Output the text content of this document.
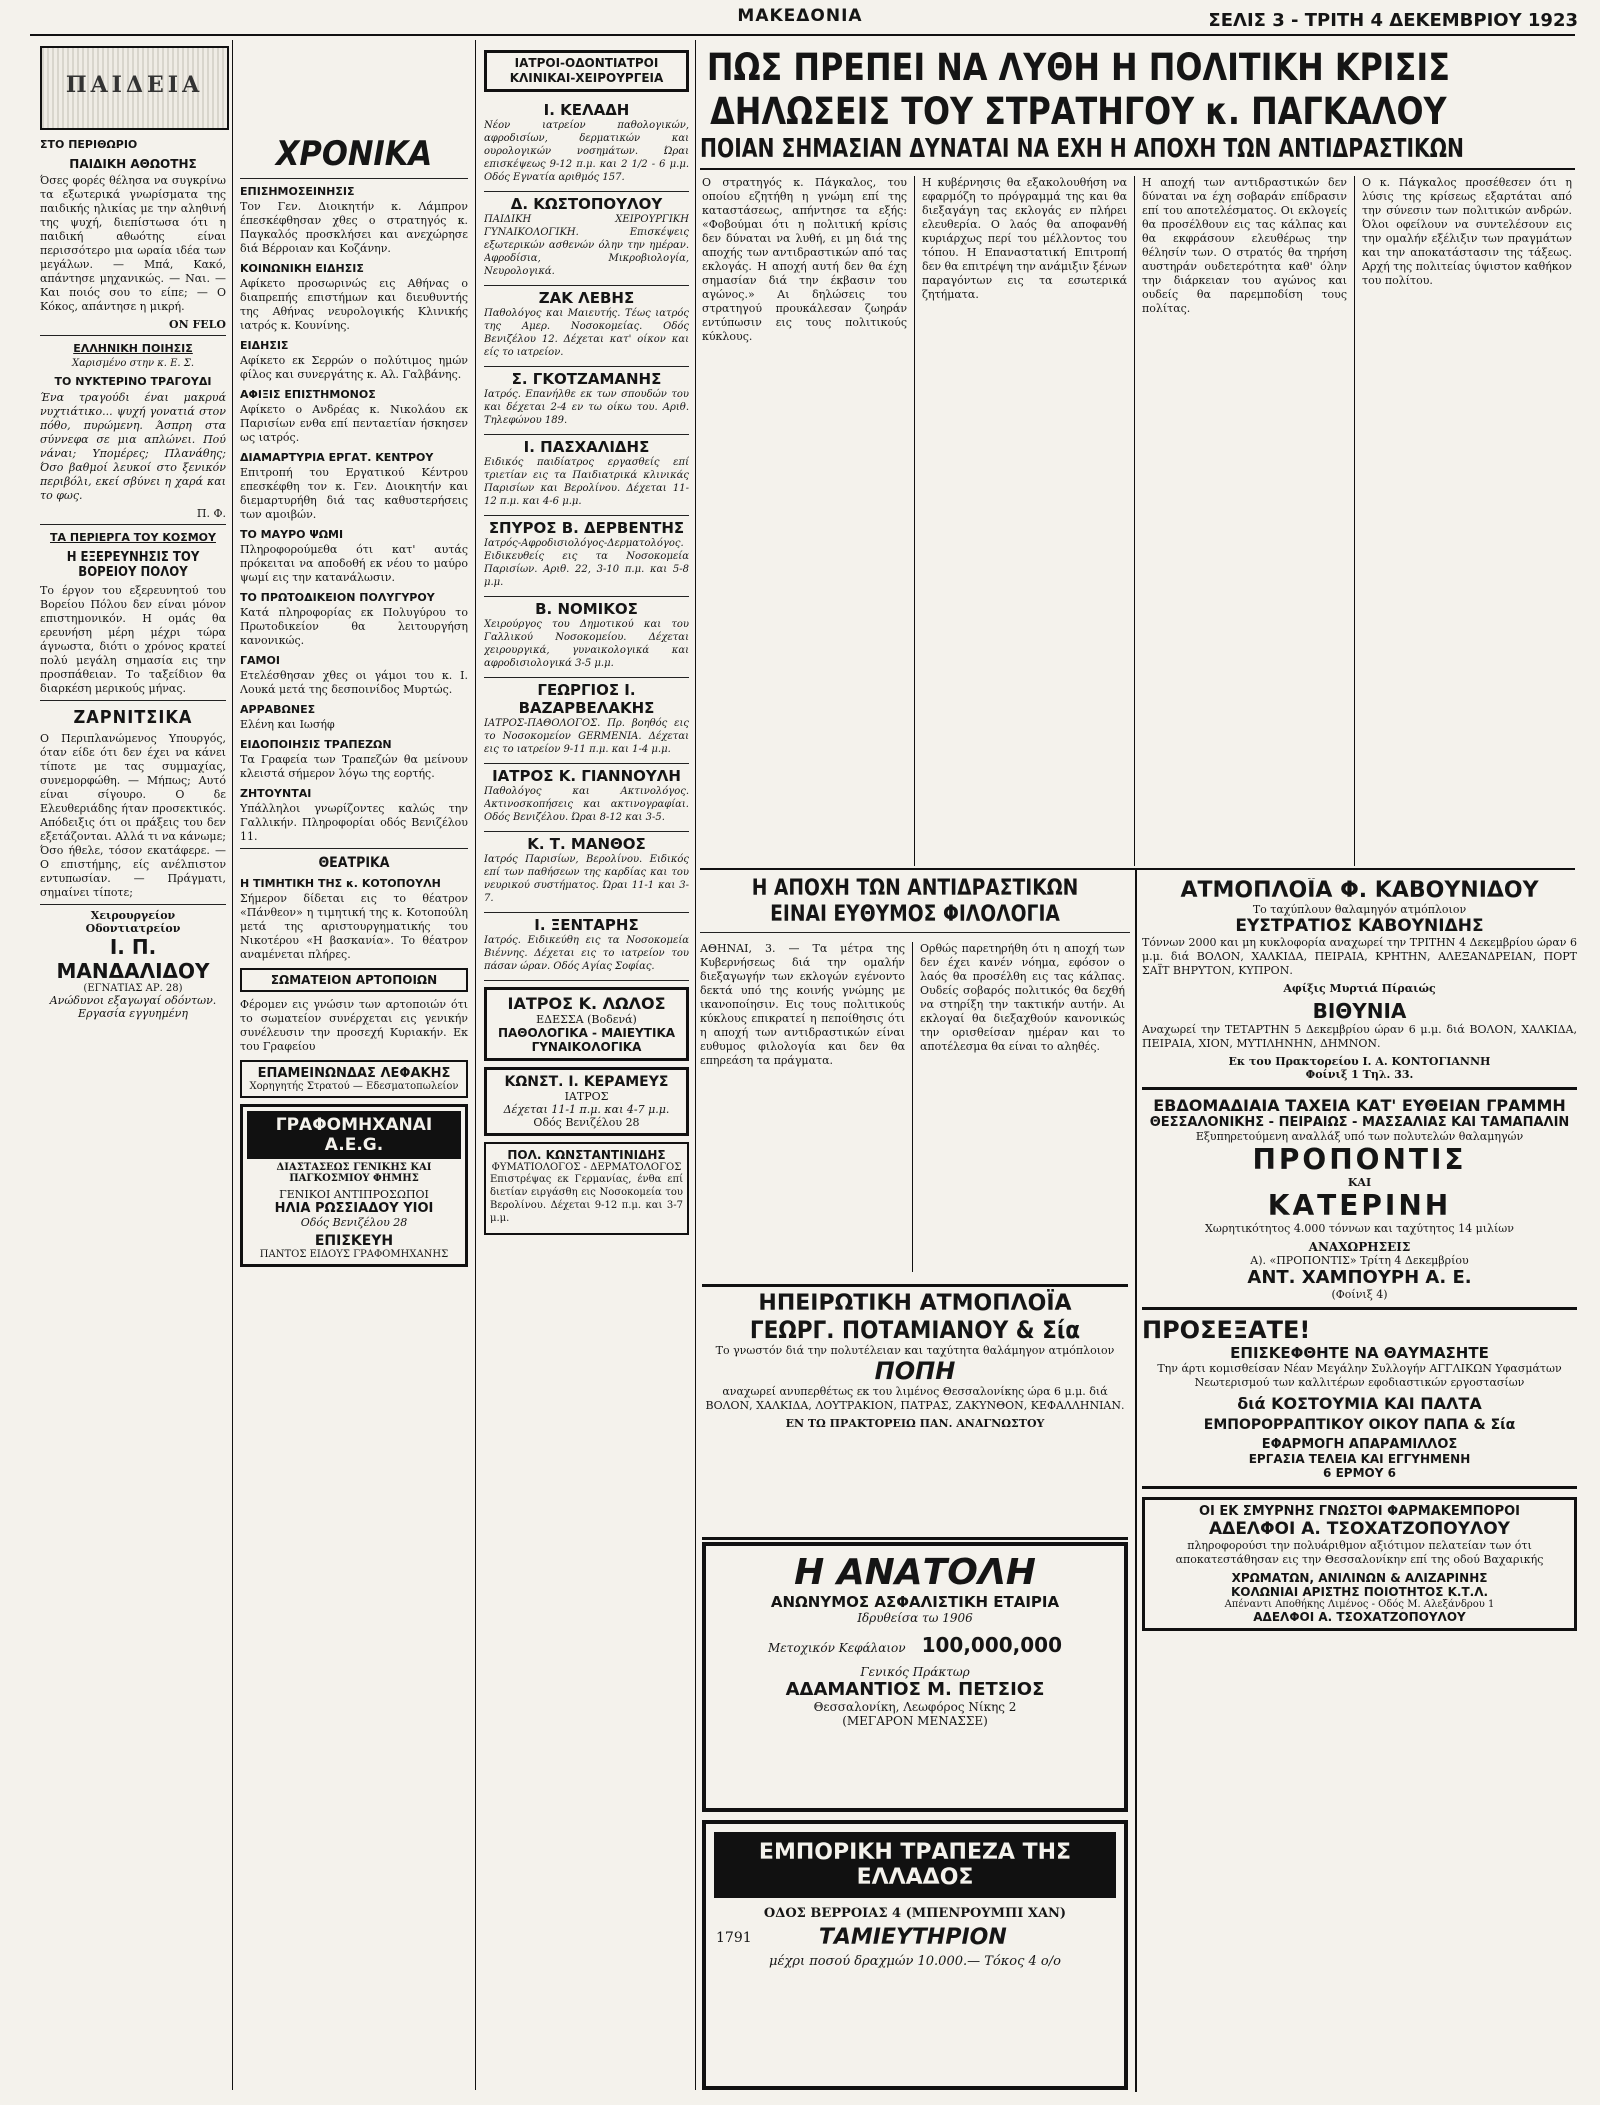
ΜΑΚΕΔΟΝΙΑ	ΣΕΛΙΣ 3 - ΤΡΙΤΗ 4 ΔΕΚΕΜΒΡΙΟΥ 1923
ΠΑΙΔΕΙΑ
ΣΤΟ ΠΕΡΙΘΩΡΙΟ
ΠΑΙΔΙΚΗ ΑΘΩΟΤΗΣ

Όσες φορές θέλησα να συγκρίνω τα εξωτερικά γνωρίσματα της παιδικής ηλικίας με την αληθινή της ψυχή, διεπίστωσα ότι η παιδική αθωότης είναι περισσότερο μια ωραία ιδέα των μεγάλων. — Μπά, Κακό, απάντησε μηχανικώς. — Ναι. — Και ποιός σου το είπε; — Ο Κόκος, απάντησε η μικρή.

ON FELO
ΕΛΛΗΝΙΚΗ ΠΟΙΗΣΙΣ
Χαρισμένο στην κ. Ε. Σ.
ΤΟ ΝΥΚΤΕΡΙΝΟ ΤΡΑΓΟΥΔΙ

Ένα τραγούδι έναι μακρυά νυχτιάτικο... ψυχή γονατιά στον πόθο, πυρώμενη. Άσπρη στα σύννεφα σε μια απλώνει. Πού νάναι; Υπομέρες; Πλανάθης; Όσο βαθμοί λευκοί στο ξενικόν περιβόλι, εκεί σβύνει η χαρά και το φως.

Π. Φ.
ΤΑ ΠΕΡΙΕΡΓΑ ΤΟΥ ΚΟΣΜΟΥ
Η ΕΞΕΡΕΥΝΗΣΙΣ ΤΟΥ ΒΟΡΕΙΟΥ ΠΟΛΟΥ

Το έργον του εξερευνητού του Βορείου Πόλου δεν είναι μόνον επιστημονικόν. Η ομάς θα ερευνήση μέρη μέχρι τώρα άγνωστα, διότι ο χρόνος κρατεί πολύ μεγάλη σημασία εις την προσπάθειαν. Το ταξείδιον θα διαρκέση μερικούς μήνας.

ΖΑΡΝΙΤΣΙΚΑ

Ο Περιπλανώμενος Υπουργός, όταν είδε ότι δεν έχει να κάνει τίποτε με τας συμμαχίας, συνεμορφώθη. — Μήπως; Αυτό είναι σίγουρο. Ο δε Ελευθεριάδης ήταν προσεκτικός. Απόδειξις ότι οι πράξεις του δεν εξετάζονται. Αλλά τι να κάνωμε; Όσο ήθελε, τόσον εκατάφερε. — Ο επιστήμης, είς ανέλπιστον εντυπωσίαν. — Πράγματι, σημαίνει τίποτε;

Χειρουργείον
Οδοντιατρείον
Ι. Π. ΜΑΝΔΑΛΙΔΟΥ
(ΕΓΝΑΤΙΑΣ ΑΡ. 28)
Ανώδυνοι εξαγωγαί οδόντων.
Εργασία εγγυημένη
ΧΡΟΝΙΚΑ
ΕΠΙΣΗΜΟΣΕΙΝΗΣΙΣ

Τον Γεν. Διοικητήν κ. Λάμπρον έπεσκέφθησαν χθες ο στρατηγός κ. Παγκαλός προσκλήσει και ανεχώρησε διά Βέρροιαν και Κοζάνην.

ΚΟΙΝΩΝΙΚΗ ΕΙΔΗΣΙΣ

Αφίκετο προσωρινώς εις Αθήνας ο διαπρεπής επιστήμων και διευθυντής της Αθήνας νευρολογικής Κλινικής ιατρός κ. Κουνίνης.

ΕΙΔΗΣΙΣ

Αφίκετο εκ Σερρών ο πολύτιμος ημών φίλος και συνεργάτης κ. Αλ. Γαλβάνης.

ΑΦΙΞΙΣ ΕΠΙΣΤΗΜΟΝΟΣ

Αφίκετο ο Ανδρέας κ. Νικολάου εκ Παρισίων ενθα επί πενταετίαν ήσκησεν ως ιατρός.

ΔΙΑΜΑΡΤΥΡΙΑ ΕΡΓΑΤ. ΚΕΝΤΡΟΥ

Επιτροπή του Εργατικού Κέντρου επεσκέφθη τον κ. Γεν. Διοικητήν και διεμαρτυρήθη διά τας καθυστερήσεις των αμοιβών.

ΤΟ ΜΑΥΡΟ ΨΩΜΙ

Πληροφορούμεθα ότι κατ' αυτάς πρόκειται να αποδοθή εκ νέου το μαύρο ψωμί εις την κατανάλωσιν.

ΤΟ ΠΡΩΤΟΔΙΚΕΙΟΝ ΠΟΛΥΓΥΡΟΥ

Κατά πληροφορίας εκ Πολυγύρου το Πρωτοδικείον θα λειτουργήση κανονικώς.

ΓΑΜΟΙ

Ετελέσθησαν χθες οι γάμοι του κ. Ι. Λουκά μετά της δεσποινίδος Μυρτώς.

ΑΡΡΑΒΩΝΕΣ

Ελένη και Ιωσήφ

ΕΙΔΟΠΟΙΗΣΙΣ ΤΡΑΠΕΖΩΝ

Τα Γραφεία των Τραπεζών θα μείνουν κλειστά σήμερον λόγω της εορτής.

ΖΗΤΟΥΝΤΑΙ

Υπάλληλοι γνωρίζοντες καλώς την Γαλλικήν. Πληροφορίαι οδός Βενιζέλου 11.

ΘΕΑΤΡΙΚΑ
Η ΤΙΜΗΤΙΚΗ ΤΗΣ κ. ΚΟΤΟΠΟΥΛΗ

Σήμερον δίδεται εις το θέατρον «Πάνθεον» η τιμητική της κ. Κοτοπούλη μετά της αριστουργηματικής του Νικοτέρου «Η βασκανία». Το θέατρον αναμένεται πλήρες.

ΣΩΜΑΤΕΙΟΝ ΑΡΤΟΠΟΙΩΝ

Φέρομεν εις γνώσιν των αρτοποιών ότι το σωματείον συνέρχεται εις γενικήν συνέλευσιν την προσεχή Κυριακήν. Εκ του Γραφείου

ΕΠΑΜΕΙΝΩΝΔΑΣ ΛΕΦΑΚΗΣ
Χορηγητής Στρατού — Εδεσματοπωλείον
ΓΡΑΦΟΜΗΧΑΝΑΙ A.E.G.
ΔΙΑΣΤΑΣΕΩΣ ΓΕΝΙΚΗΣ ΚΑΙ ΠΑΓΚΟΣΜΙΟΥ ΦΗΜΗΣ
ΓΕΝΙΚΟΙ ΑΝΤΙΠΡΟΣΩΠΟΙ
ΗΛΙΑ ΡΩΣΣΙΑΔΟΥ ΥΙΟΙ
Οδός Βενιζέλου 28
ΕΠΙΣΚΕΥΗ
ΠΑΝΤΟΣ ΕΙΔΟΥΣ ΓΡΑΦΟΜΗΧΑΝΗΣ
ΙΑΤΡΟΙ-ΟΔΟΝΤΙΑΤΡΟΙ ΚΛΙΝΙΚΑΙ-ΧΕΙΡΟΥΡΓΕΙΑ
Ι. ΚΕΛΑΔΗ

Νέον ιατρείον παθολογικών, αφροδισίων, δερματικών και ουρολογικών νοσημάτων. Ώραι επισκέψεως 9-12 π.μ. και 2 1/2 - 6 μ.μ. Οδός Εγνατία αριθμός 157.

Δ. ΚΩΣΤΟΠΟΥΛΟΥ

ΠΑΙΔΙΚΗ ΧΕΙΡΟΥΡΓΙΚΗ ΓΥΝΑΙΚΟΛΟΓΙΚΗ. Επισκέψεις εξωτερικών ασθενών όλην την ημέραν. Αφροδίσια, Μικροβιολογία, Νευρολογικά.

ΖΑΚ ΛΕΒΗΣ

Παθολόγος και Μαιευτής. Τέως ιατρός της Αμερ. Νοσοκομείας. Οδός Βενιζέλου 12. Δέχεται κατ' οίκον και είς το ιατρείον.

Σ. ΓΚΟΤΖΑΜΑΝΗΣ

Ιατρός. Επανήλθε εκ των σπουδών του και δέχεται 2-4 εν τω οίκω του. Αριθ. Τηλεφώνου 189.

Ι. ΠΑΣΧΑΛΙΔΗΣ

Ειδικός παιδίατρος εργασθείς επί τριετίαν εις τα Παιδιατρικά κλινικάς Παρισίων και Βερολίνου. Δέχεται 11-12 π.μ. και 4-6 μ.μ.

ΣΠΥΡΟΣ Β. ΔΕΡΒΕΝΤΗΣ

Ιατρός-Αφροδισιολόγος-Δερματολόγος. Ειδικευθείς εις τα Νοσοκομεία Παρισίων. Αριθ. 22, 3-10 π.μ. και 5-8 μ.μ.

Β. ΝΟΜΙΚΟΣ

Χειρούργος του Δημοτικού και του Γαλλικού Νοσοκομείου. Δέχεται χειρουργικά, γυναικολογικά και αφροδισιολογικά 3-5 μ.μ.

ΓΕΩΡΓΙΟΣ Ι. ΒΑΖΑΡΒΕΛΑΚΗΣ

ΙΑΤΡΟΣ-ΠΑΘΟΛΟΓΟΣ. Πρ. βοηθός εις το Νοσοκομείον GERMENIA. Δέχεται εις το ιατρείον 9-11 π.μ. και 1-4 μ.μ.

ΙΑΤΡΟΣ Κ. ΓΙΑΝΝΟΥΛΗ

Παθολόγος και Ακτινολόγος. Ακτινοσκοπήσεις και ακτινογραφίαι. Οδός Βενιζέλου. Ώραι 8-12 και 3-5.

Κ. Τ. ΜΑΝΘΟΣ

Ιατρός Παρισίων, Βερολίνου. Ειδικός επί των παθήσεων της καρδίας και του νευρικού συστήματος. Ώραι 11-1 και 3-7.

Ι. ΞΕΝΤΑΡΗΣ

Ιατρός. Ειδικεύθη εις τα Νοσοκομεία Βιέννης. Δέχεται εις το ιατρείον του πάσαν ώραν. Οδός Αγίας Σοφίας.

ΙΑΤΡΟΣ Κ. ΛΩΛΟΣ
ΕΔΕΣΣΑ (Βοδενά)
ΠΑΘΟΛΟΓΙΚΑ - ΜΑΙΕΥΤΙΚΑ ΓΥΝΑΙΚΟΛΟΓΙΚΑ
ΚΩΝΣΤ. Ι. ΚΕΡΑΜΕΥΣ
ΙΑΤΡΟΣ
Δέχεται 11-1 π.μ. και 4-7 μ.μ.
Οδός Βενιζέλου 28
ΠΟΛ. ΚΩΝΣΤΑΝΤΙΝΙΔΗΣ
ΦΥΜΑΤΙΟΛΟΓΟΣ - ΔΕΡΜΑΤΟΛΟΓΟΣ

Επιστρέψας εκ Γερμανίας, ένθα επί διετίαν ειργάσθη εις Νοσοκομεία του Βερολίνου. Δέχεται 9-12 π.μ. και 3-7 μ.μ.

ΠΩΣ ΠΡΕΠΕΙ ΝΑ ΛΥΘΗ Η ΠΟΛΙΤΙΚΗ ΚΡΙΣΙΣ
ΔΗΛΩΣΕΙΣ ΤΟΥ ΣΤΡΑΤΗΓΟΥ κ. ΠΑΓΚΑΛΟΥ
ΠΟΙΑΝ ΣΗΜΑΣΙΑΝ ΔΥΝΑΤΑΙ ΝΑ ΕΧΗ Η ΑΠΟΧΗ ΤΩΝ ΑΝΤΙΔΡΑΣΤΙΚΩΝ

Ο στρατηγός κ. Πάγκαλος, του οποίου εζητήθη η γνώμη επί της καταστάσεως, απήντησε τα εξής: «Φοβούμαι ότι η πολιτική κρίσις δεν δύναται να λυθή, ει μη διά της αποχής των αντιδραστικών από τας εκλογάς. Η αποχή αυτή δεν θα έχη σημασίαν διά την έκβασιν του αγώνος.» Αι δηλώσεις του στρατηγού προυκάλεσαν ζωηράν εντύπωσιν εις τους πολιτικούς κύκλους.

Η κυβέρνησις θα εξακολουθήση να εφαρμόζη το πρόγραμμά της και θα διεξαγάγη τας εκλογάς εν πλήρει ελευθερία. Ο λαός θα αποφανθή κυριάρχως περί του μέλλοντος του τόπου. Η Επαναστατική Επιτροπή δεν θα επιτρέψη την ανάμιξιν ξένων παραγόντων εις τα εσωτερικά ζητήματα.

Η αποχή των αντιδραστικών δεν δύναται να έχη σοβαράν επίδρασιν επί του αποτελέσματος. Οι εκλογείς θα προσέλθουν εις τας κάλπας και θα εκφράσουν ελευθέρως την θέλησίν των. Ο στρατός θα τηρήση αυστηράν ουδετερότητα καθ' όλην την διάρκειαν του αγώνος και ουδείς θα παρεμποδίση τους πολίτας.

Ο κ. Πάγκαλος προσέθεσεν ότι η λύσις της κρίσεως εξαρτάται από την σύνεσιν των πολιτικών ανδρών. Όλοι οφείλουν να συντελέσουν εις την ομαλήν εξέλιξιν των πραγμάτων και την αποκατάστασιν της τάξεως. Αρχή της πολιτείας ύψιστον καθήκον του πολίτου.

Η ΑΠΟΧΗ ΤΩΝ ΑΝΤΙΔΡΑΣΤΙΚΩΝ
ΕΙΝΑΙ ΕΥΘΥΜΟΣ ΦΙΛΟΛΟΓΙΑ

ΑΘΗΝΑΙ, 3. — Τα μέτρα της Κυβερνήσεως διά την ομαλήν διεξαγωγήν των εκλογών εγένοντο δεκτά υπό της κοινής γνώμης με ικανοποίησιν. Εις τους πολιτικούς κύκλους επικρατεί η πεποίθησις ότι η αποχή των αντιδραστικών είναι ευθυμος φιλολογία και δεν θα επηρεάση τα πράγματα.

Ορθώς παρετηρήθη ότι η αποχή των δεν έχει κανέν νόημα, εφόσον ο λαός θα προσέλθη εις τας κάλπας. Ουδείς σοβαρός πολιτικός θα δεχθή να στηρίξη την τακτικήν αυτήν. Αι εκλογαί θα διεξαχθούν κανονικώς την ορισθείσαν ημέραν και το αποτέλεσμα θα είναι το αληθές.

ΗΠΕΙΡΩΤΙΚΗ ΑΤΜΟΠΛΟΪΑ
ΓΕΩΡΓ. ΠΟΤΑΜΙΑΝΟΥ & Σία
Το γνωστόν διά την πολυτέλειαν και ταχύτητα θαλάμηγον ατμόπλοιον
ΠΟΠΗ

αναχωρεί ανυπερθέτως εκ του λιμένος Θεσσαλονίκης ώρα 6 μ.μ. διά ΒΟΛΟΝ, ΧΑΛΚΙΔΑ, ΛΟΥΤΡΑΚΙΟΝ, ΠΑΤΡΑΣ, ΖΑΚΥΝΘΟΝ, ΚΕΦΑΛΛΗΝΙΑΝ.

ΕΝ ΤΩ ΠΡΑΚΤΟΡΕΙΩ ΠΑΝ. ΑΝΑΓΝΩΣΤΟΥ
Η ΑΝΑΤΟΛΗ
ΑΝΩΝΥΜΟΣ ΑΣΦΑΛΙΣΤΙΚΗ ΕΤΑΙΡΙΑ
Ιδρυθείσα τω 1906
Μετοχικόν Κεφάλαιον 100,000,000
Γενικός Πράκτωρ
ΑΔΑΜΑΝΤΙΟΣ Μ. ΠΕΤΣΙΟΣ
Θεσσαλονίκη, Λεωφόρος Νίκης 2
(ΜΕΓΑΡΟΝ ΜΕΝΑΣΣΕ)
ΕΜΠΟΡΙΚΗ ΤΡΑΠΕΖΑ ΤΗΣ ΕΛΛΑΔΟΣ
ΟΔΟΣ ΒΕΡΡΟΙΑΣ 4 (ΜΠΕΝΡΟΥΜΠΙ ΧΑΝ)
1791	ΤΑΜΙΕΥΤΗΡΙΟΝ
μέχρι ποσού δραχμών 10.000.— Τόκος 4 ο/ο
ΑΤΜΟΠΛΟΪΑ Φ. ΚΑΒΟΥΝΙΔΟΥ
Το ταχύπλουν θαλαμηγόν ατμόπλοιον
ΕΥΣΤΡΑΤΙΟΣ ΚΑΒΟΥΝΙΔΗΣ

Τόννων 2000 και μη κυκλοφορία αναχωρεί την ΤΡΙΤΗΝ 4 Δεκεμβρίου ώραν 6 μ.μ. διά ΒΟΛΟΝ, ΧΑΛΚΙΔΑ, ΠΕΙΡΑΙΑ, ΚΡΗΤΗΝ, ΑΛΕΞΑΝΔΡΕΙΑΝ, ΠΟΡΤ ΣΑΪΤ ΒΗΡΥΤΟΝ, ΚΥΠΡΟΝ.

Αφίξις Μυρτιά Πίραιώς
ΒΙΘΥΝΙΑ

Αναχωρεί την ΤΕΤΑΡΤΗΝ 5 Δεκεμβρίου ώραν 6 μ.μ. διά ΒΟΛΟΝ, ΧΑΛΚΙΔΑ, ΠΕΙΡΑΙΑ, ΧΙΟΝ, ΜΥΤΙΛΗΝΗΝ, ΔΗΜΝΟΝ.

Εκ του Πρακτορείου Ι. Α. ΚΟΝΤΟΓΙΑΝΝΗ
Φοίνιξ 1 Τηλ. 33.
ΕΒΔΟΜΑΔΙΑΙΑ ΤΑΧΕΙΑ ΚΑΤ' ΕΥΘΕΙΑΝ ΓΡΑΜΜΗ
ΘΕΣΣΑΛΟΝΙΚΗΣ - ΠΕΙΡΑΙΩΣ - ΜΑΣΣΑΛΙΑΣ ΚΑΙ ΤΑΜΑΠΑΛΙΝ
Εξυπηρετούμενη αναλλάξ υπό των πολυτελών θαλαμηγών
ΠΡΟΠΟΝΤΙΣ
ΚΑΙ
ΚΑΤΕΡΙΝΗ

Χωρητικότητος 4.000 τόννων και ταχύτητος 14 μιλίων

ΑΝΑΧΩΡΗΣΕΙΣ
Α). «ΠΡΟΠΟΝΤΙΣ» Τρίτη 4 Δεκεμβρίου
ΑΝΤ. ΧΑΜΠΟΥΡΗ Α. Ε.
(Φοίνιξ 4)
ΠΡΟΣΕΞΑΤΕ!
ΕΠΙΣΚΕΦΘΗΤΕ ΝΑ ΘΑΥΜΑΣΗΤΕ

Την άρτι κομισθείσαν Νέαν Μεγάλην Συλλογήν ΑΓΓΛΙΚΩΝ Υφασμάτων Νεωτερισμού των καλλιτέρων εφοδιαστικών εργοστασίων

διά ΚΟΣΤΟΥΜΙΑ ΚΑΙ ΠΑΛΤΑ
ΕΜΠΟΡΟΡΡΑΠΤΙΚΟΥ ΟΙΚΟΥ ΠΑΠΑ & Σία
ΕΦΑΡΜΟΓΗ ΑΠΑΡΑΜΙΛΛΟΣ
ΕΡΓΑΣΙΑ ΤΕΛΕΙΑ ΚΑΙ ΕΓΓΥΗΜΕΝΗ
6 ΕΡΜΟΥ 6
ΟΙ ΕΚ ΣΜΥΡΝΗΣ ΓΝΩΣΤΟΙ ΦΑΡΜΑΚΕΜΠΟΡΟΙ
ΑΔΕΛΦΟΙ Α. ΤΣΟΧΑΤΖΟΠΟΥΛΟΥ

πληροφορούσι την πολυάριθμον αξιότιμον πελατείαν των ότι αποκατεστάθησαν εις την Θεσσαλονίκην επί της οδού Βαχαρικής

ΧΡΩΜΑΤΩΝ, ΑΝΙΛΙΝΩΝ & ΑΛΙΖΑΡΙΝΗΣ
ΚΟΛΩΝΙΑΙ ΑΡΙΣΤΗΣ ΠΟΙΟΤΗΤΟΣ Κ.Τ.Λ.
Απέναντι Αποθήκης Λιμένος - Οδός Μ. Αλεξάνδρου 1
ΑΔΕΛΦΟΙ Α. ΤΣΟΧΑΤΖΟΠΟΥΛΟΥ
